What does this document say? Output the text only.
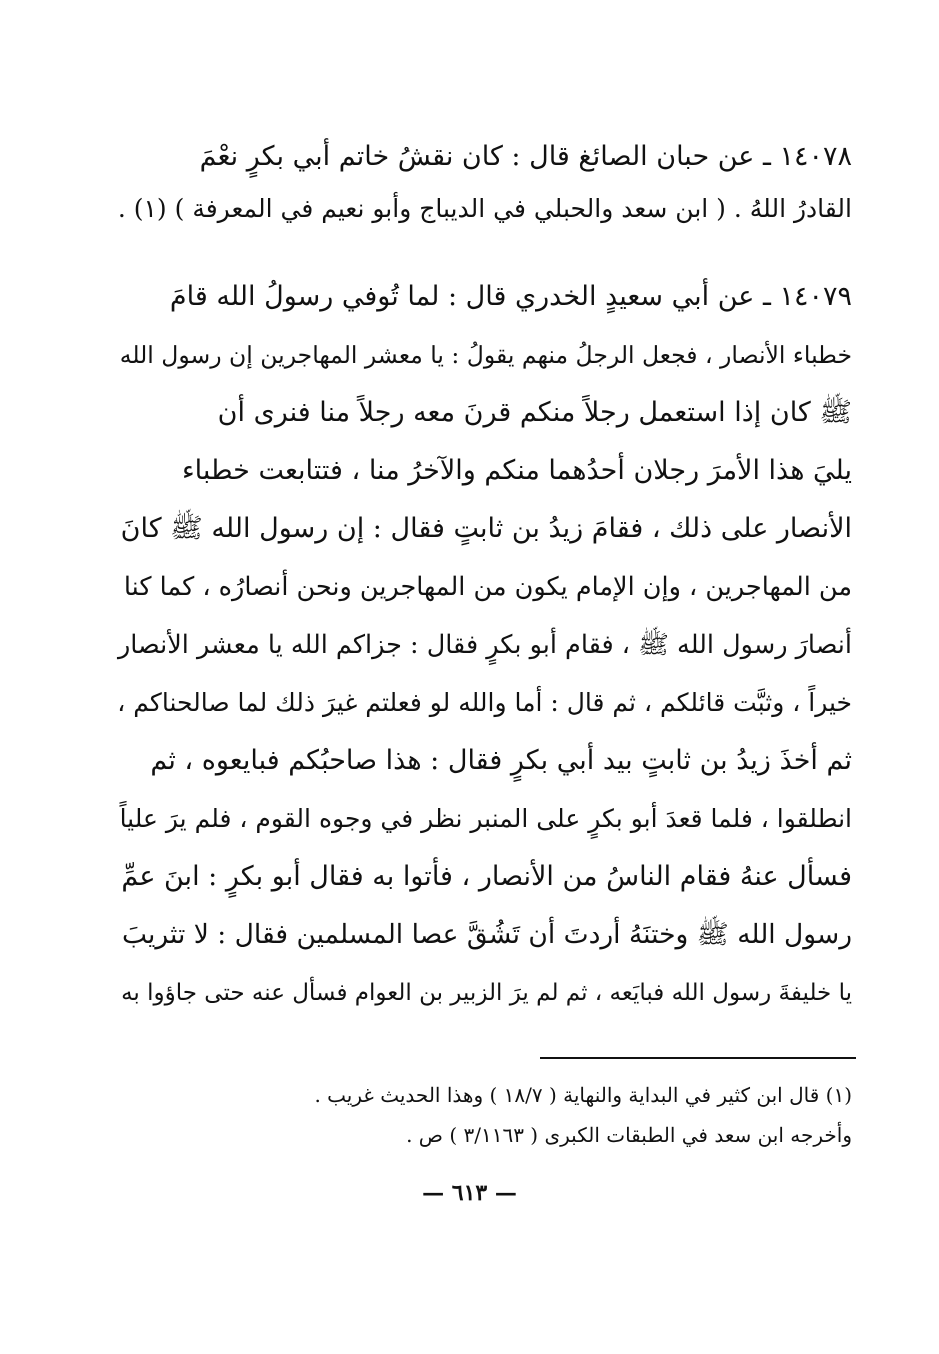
١٤٠٧٨ ـ عن حبان الصائغ قال : كان نقشُ خاتم أبي بكرٍ نعْمَ
القادرُ اللهُ . ( ابن سعد والحبلي في الديباج وأبو نعيم في المعرفة ) (١) .
١٤٠٧٩ ـ عن أبي سعيدٍ الخدري قال : لما تُوفي رسولُ الله قامَ
خطباء الأنصار ، فجعل الرجلُ منهم يقولُ : يا معشر المهاجرين إن رسول الله
ﷺ كان إذا استعمل رجلاً منكم قرنَ معه رجلاً منا فنرى أن
يليَ هذا الأمرَ رجلان أحدُهما منكم والآخرُ منا ، فتتابعت خطباء
الأنصار على ذلك ، فقامَ زيدُ بن ثابتٍ فقال : إن رسول الله ﷺ كانَ
من المهاجرين ، وإن الإمام يكون من المهاجرين ونحن أنصارُه ، كما كنا
أنصارَ رسول الله ﷺ ، فقام أبو بكرٍ فقال : جزاكم الله يا معشر الأنصار
خيراً ، وثبَّت قائلكم ، ثم قال : أما والله لو فعلتم غيرَ ذلك لما صالحناكم ،
ثم أخذَ زيدُ بن ثابتٍ بيد أبي بكرٍ فقال : هذا صاحبُكم فبايعوه ، ثم
انطلقوا ، فلما قعدَ أبو بكرٍ على المنبر نظر في وجوه القوم ، فلم يرَ علياً
فسأل عنهُ فقام الناسُ من الأنصار ، فأتوا به فقال أبو بكرٍ : ابنَ عمِّ
رسول الله ﷺ وختنَهُ أردتَ أن تَشُقَّ عصا المسلمين فقال : لا تثريبَ
يا خليفةَ رسول الله فبايَعه ، ثم لم يرَ الزبير بن العوام فسأل عنه حتى جاؤوا به
(١) قال ابن كثير في البداية والنهاية ( ١٨/٧ ) وهذا الحديث غريب .
وأخرجه ابن سعد في الطبقات الكبرى ( ٣/١١٦٣ ) ص .
— ٦١٣ —
